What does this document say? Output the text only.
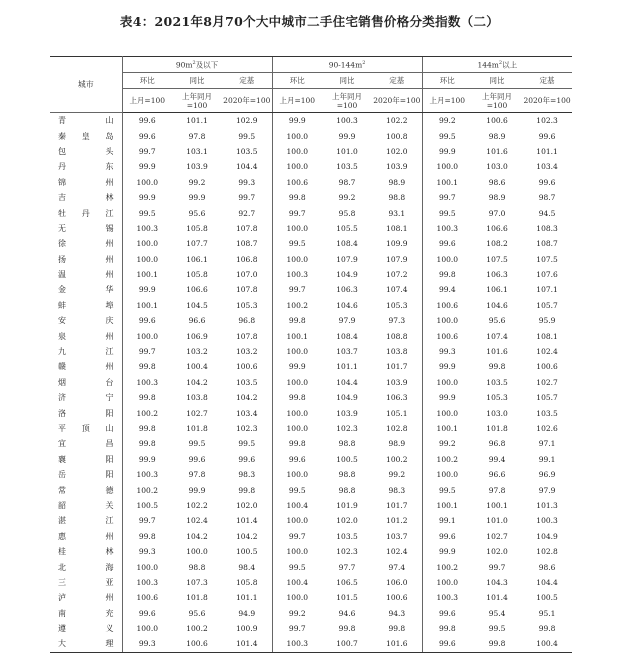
表4：2021年8月70个大中城市二手住宅销售价格分类指数（二）
城市	$90m^2$及以下			$90-144m^2$			$144m^2$以上		
	环比	同比	定基	环比	同比	定基	环比	同比	定基
	上月=100	上年同月=100	2020年=100	上月=100	上年同月=100	2020年=100	上月=100	上年同月=100	2020年=100
青山	99.6	101.1	102.9	99.9	100.3	102.2	99.2	100.6	102.3
秦皇岛	99.6	97.8	99.5	100.0	99.9	100.8	99.5	98.9	99.6
包头	99.7	103.1	103.5	100.0	101.0	102.0	99.9	101.6	101.1
丹东	99.9	103.9	104.4	100.0	103.5	103.9	100.0	103.0	103.4
锦州	100.0	99.2	99.3	100.6	98.7	98.9	100.1	98.6	99.6
吉林	99.9	99.9	99.7	99.8	99.2	98.8	99.7	98.9	98.7
牡丹江	99.5	95.6	92.7	99.7	95.8	93.1	99.5	97.0	94.5
无锡	100.3	105.8	107.8	100.0	105.5	108.1	100.3	106.6	108.3
徐州	100.0	107.7	108.7	99.5	108.4	109.9	99.6	108.2	108.7
扬州	100.0	106.1	106.8	100.0	107.9	107.9	100.0	107.5	107.5
温州	100.1	105.8	107.0	100.3	104.9	107.2	99.8	106.3	107.6
金华	99.9	106.6	107.8	99.7	106.3	107.4	99.4	106.1	107.1
蚌埠	100.1	104.5	105.3	100.2	104.6	105.3	100.6	104.6	105.7
安庆	99.6	96.6	96.8	99.8	97.9	97.3	100.0	95.6	95.9
泉州	100.0	106.9	107.8	100.1	108.4	108.8	100.6	107.4	108.1
九江	99.7	103.2	103.2	100.0	103.7	103.8	99.3	101.6	102.4
赣州	99.8	100.4	100.6	99.9	101.1	101.7	99.9	99.8	100.6
烟台	100.3	104.2	103.5	100.0	104.4	103.9	100.0	103.5	102.7
济宁	99.8	103.8	104.2	99.8	104.9	106.3	99.9	105.3	105.7
洛阳	100.2	102.7	103.4	100.0	103.9	105.1	100.0	103.0	103.5
平顶山	99.8	101.8	102.3	100.0	102.3	102.8	100.1	101.8	102.6
宜昌	99.8	99.5	99.5	99.8	98.8	98.9	99.2	96.8	97.1
襄阳	99.9	99.6	99.6	99.6	100.5	100.2	100.2	99.4	99.1
岳阳	100.3	97.8	98.3	100.0	98.8	99.2	100.0	96.6	96.9
常德	100.2	99.9	99.8	99.5	98.8	98.3	99.5	97.8	97.9
韶关	100.5	102.2	102.0	100.4	101.9	101.7	100.1	100.1	101.3
湛江	99.7	102.4	101.4	100.0	102.0	101.2	99.1	101.0	100.3
惠州	99.8	104.2	104.2	99.7	103.5	103.7	99.6	102.7	104.9
桂林	99.3	100.0	100.5	100.0	102.3	102.4	99.9	102.0	102.8
北海	100.0	98.8	98.4	99.5	97.7	97.4	100.2	99.7	98.6
三亚	100.3	107.3	105.8	100.4	106.5	106.0	100.0	104.3	104.4
泸州	100.6	101.8	101.1	100.0	101.5	100.6	100.3	101.4	100.5
南充	99.6	95.6	94.9	99.2	94.6	94.3	99.6	95.4	95.1
遵义	100.0	100.2	100.9	99.7	99.8	99.8	99.8	99.5	99.8
大理	99.3	100.6	101.4	100.3	100.7	101.6	99.6	99.8	100.4
